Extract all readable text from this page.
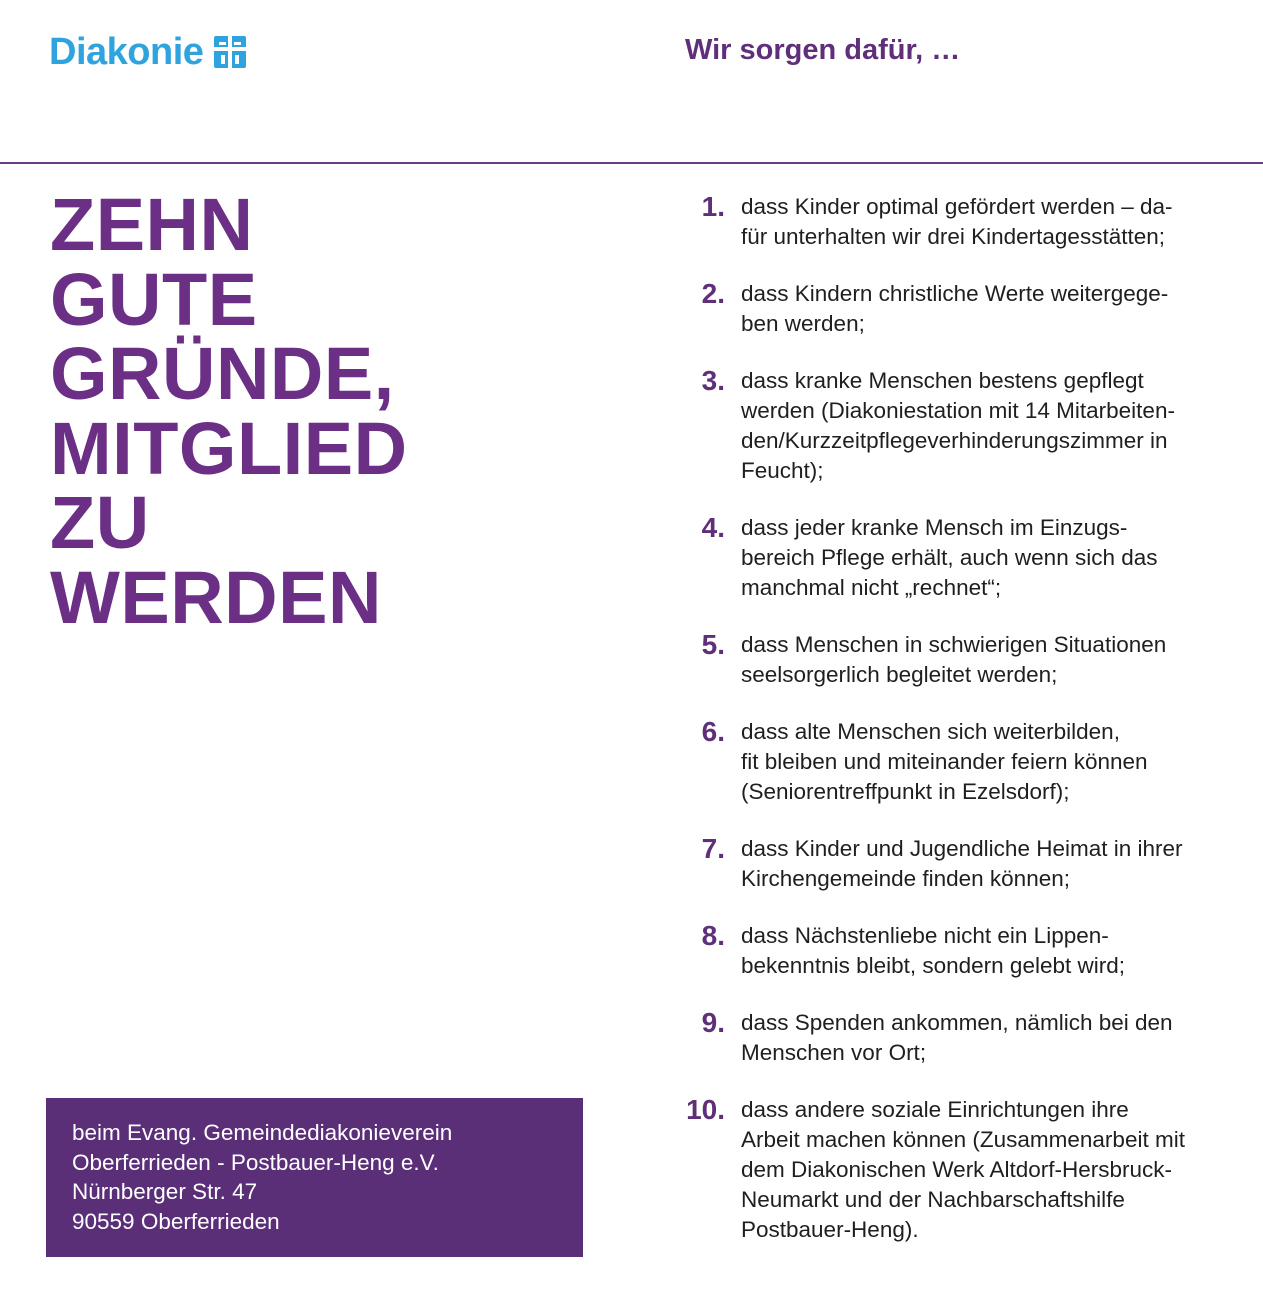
Diakonie	Wir sorgen dafür, …
ZEHN
GUTE
GRÜNDE,
MITGLIED
ZU
WERDEN
1. dass Kinder optimal gefördert werden – da-
für unterhalten wir drei Kindertagesstätten;
2. dass Kindern christliche Werte weitergege-
ben werden;
3. dass kranke Menschen bestens gepflegt
werden (Diakoniestation mit 14 Mitarbeiten-
den/Kurzzeitpflegeverhinderungszimmer in
Feucht);
4. dass jeder kranke Mensch im Einzugs-
bereich Pflege erhält, auch wenn sich das
manchmal nicht „rechnet“;
5. dass Menschen in schwierigen Situationen
seelsorgerlich begleitet werden;
6. dass alte Menschen sich weiterbilden,
fit bleiben und miteinander feiern können
(Seniorentreffpunkt in Ezelsdorf);
7. dass Kinder und Jugendliche Heimat in ihrer
Kirchengemeinde finden können;
8. dass Nächstenliebe nicht ein Lippen-
bekenntnis bleibt, sondern gelebt wird;
9. dass Spenden ankommen, nämlich bei den
Menschen vor Ort;
10. dass andere soziale Einrichtungen ihre
Arbeit machen können (Zusammenarbeit mit
dem Diakonischen Werk Altdorf-Hersbruck-
Neumarkt und der Nachbarschaftshilfe
Postbauer-Heng).
beim Evang. Gemeindediakonieverein
Oberferrieden - Postbauer-Heng e.V.
Nürnberger Str. 47
90559 Oberferrieden
